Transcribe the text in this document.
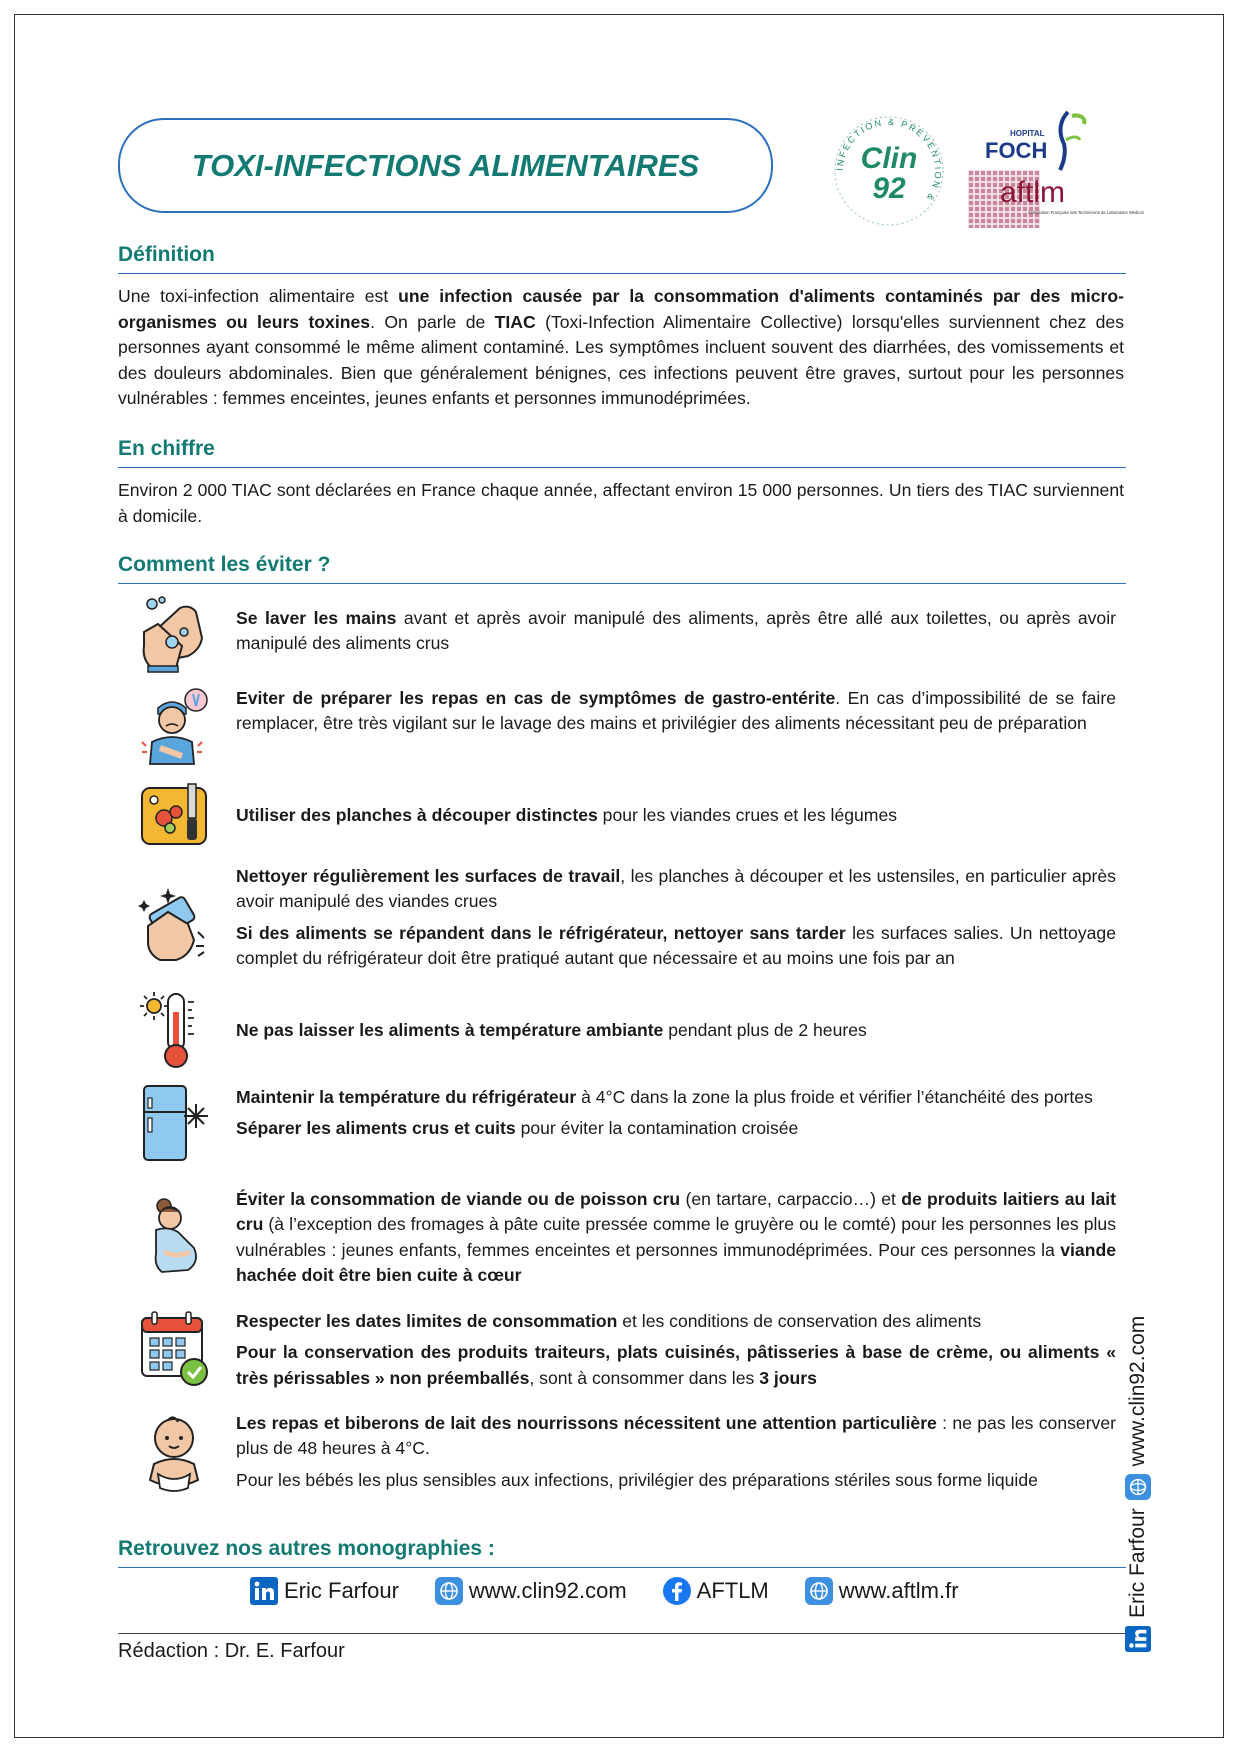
TOXI-INFECTIONS ALIMENTAIRES	INFECTION & PREVENTION &
Clin
92
HOPITAL
FOCH
aftlm
Association Française des Techniciens de Laboratoire Médical
Définition

Une toxi-infection alimentaire est une infection causée par la consommation d'aliments contaminés par des micro-organismes ou leurs toxines. On parle de TIAC (Toxi-Infection Alimentaire Collective) lorsqu'elles surviennent chez des personnes ayant consommé le même aliment contaminé. Les symptômes incluent souvent des diarrhées, des vomissements et des douleurs abdominales. Bien que généralement bénignes, ces infections peuvent être graves, surtout pour les personnes vulnérables : femmes enceintes, jeunes enfants et personnes immunodéprimées.

En chiffre

Environ 2 000 TIAC sont déclarées en France chaque année, affectant environ 15 000 personnes. Un tiers des TIAC surviennent à domicile.

Comment les éviter ?

Se laver les mains avant et après avoir manipulé des aliments, après être allé aux toilettes, ou après avoir manipulé des aliments crus

Eviter de préparer les repas en cas de symptômes de gastro-entérite. En cas d’impossibilité de se faire remplacer, être très vigilant sur le lavage des mains et privilégier des aliments nécessitant peu de préparation

Utiliser des planches à découper distinctes pour les viandes crues et les légumes

Nettoyer régulièrement les surfaces de travail, les planches à découper et les ustensiles, en particulier après avoir manipulé des viandes crues

Si des aliments se répandent dans le réfrigérateur, nettoyer sans tarder les surfaces salies. Un nettoyage complet du réfrigérateur doit être pratiqué autant que nécessaire et au moins une fois par an

Ne pas laisser les aliments à température ambiante pendant plus de 2 heures

Maintenir la température du réfrigérateur à 4°C dans la zone la plus froide et vérifier l’étanchéité des portes

Séparer les aliments crus et cuits pour éviter la contamination croisée

Éviter la consommation de viande ou de poisson cru (en tartare, carpaccio…) et de produits laitiers au lait cru (à l’exception des fromages à pâte cuite pressée comme le gruyère ou le comté) pour les personnes les plus vulnérables : jeunes enfants, femmes enceintes et personnes immunodéprimées. Pour ces personnes la viande hachée doit être bien cuite à cœur

Respecter les dates limites de consommation et les conditions de conservation des aliments

Pour la conservation des produits traiteurs, plats cuisinés, pâtisseries à base de crème, ou aliments « très périssables » non préemballés, sont à consommer dans les 3 jours

Les repas et biberons de lait des nourrissons nécessitent une attention particulière : ne pas les conserver plus de 48 heures à 4°C.

Pour les bébés les plus sensibles aux infections, privilégier des préparations stériles sous forme liquide

Retrouvez nos autres monographies :
Eric Farfour	www.clin92.com	AFTLM	www.aftlm.fr
Rédaction : Dr. E. Farfour
Eric Farfour
www.clin92.com
